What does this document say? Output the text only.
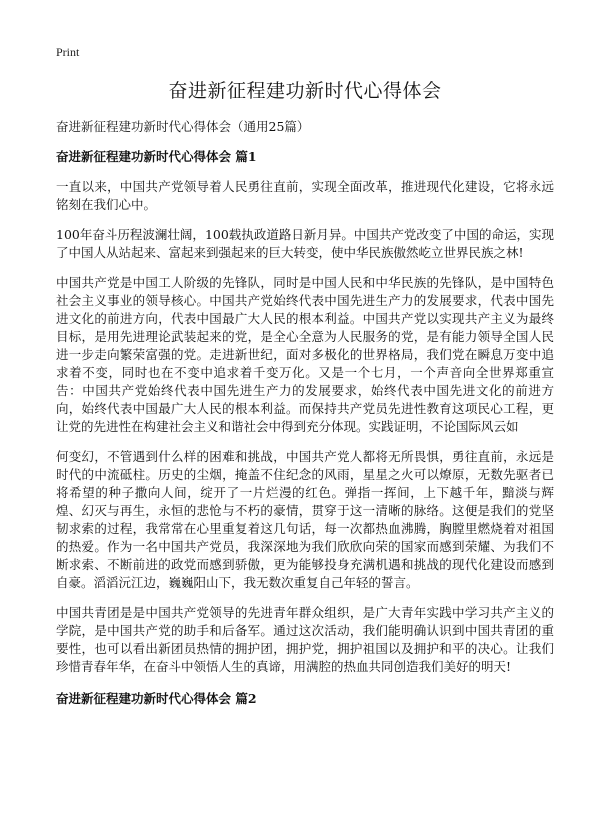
Print
奋进新征程建功新时代心得体会
奋进新征程建功新时代心得体会（通用25篇）
奋进新征程建功新时代心得体会 篇1

一直以来，中国共产党领导着人民勇往直前，实现全面改革，推进现代化建设，它将永远铭刻在我们心中。

100年奋斗历程波澜壮阔，100载执政道路日新月异。中国共产党改变了中国的命运，实现了中国人从站起来、富起来到强起来的巨大转变，使中华民族傲然屹立世界民族之林!

中国共产党是中国工人阶级的先锋队，同时是中国人民和中华民族的先锋队，是中国特色社会主义事业的领导核心。中国共产党始终代表中国先进生产力的发展要求，代表中国先进文化的前进方向，代表中国最广大人民的根本利益。中国共产党以实现共产主义为最终目标，是用先进理论武装起来的党，是全心全意为人民服务的党，是有能力领导全国人民进一步走向繁荣富强的党。走进新世纪，面对多极化的世界格局，我们党在瞬息万变中追求着不变，同时也在不变中追求着千变万化。又是一个七月，一个声音向全世界郑重宣告：中国共产党始终代表中国先进生产力的发展要求，始终代表中国先进文化的前进方向，始终代表中国最广大人民的根本利益。而保持共产党员先进性教育这项民心工程，更让党的先进性在构建社会主义和谐社会中得到充分体现。实践证明，不论国际风云如

何变幻，不管遇到什么样的困难和挑战，中国共产党人都将无所畏惧，勇往直前，永远是时代的中流砥柱。历史的尘烟，掩盖不住纪念的风雨，星星之火可以燎原，无数先驱者已将希望的种子撒向人间，绽开了一片烂漫的红色。弹指一挥间，上下越千年，黯淡与辉煌、幻灭与再生，永恒的悲怆与不朽的豪情，贯穿于这一清晰的脉络。这便是我们的党坚韧求索的过程，我常常在心里重复着这几句话，每一次都热血沸腾，胸膛里燃烧着对祖国的热爱。作为一名中国共产党员，我深深地为我们欣欣向荣的国家而感到荣耀、为我们不断求索、不断前进的政党而感到骄傲，更为能够投身充满机遇和挑战的现代化建设而感到自豪。滔滔沅江边，巍巍阳山下，我无数次重复自己年轻的誓言。

中国共青团是是中国共产党领导的先进青年群众组织，是广大青年实践中学习共产主义的学院，是中国共产党的助手和后备军。通过这次活动，我们能明确认识到中国共青团的重要性，也可以看出新团员热情的拥护团，拥护党，拥护祖国以及拥护和平的决心。让我们珍惜青春年华，在奋斗中领悟人生的真谛，用满腔的热血共同创造我们美好的明天!

奋进新征程建功新时代心得体会 篇2
